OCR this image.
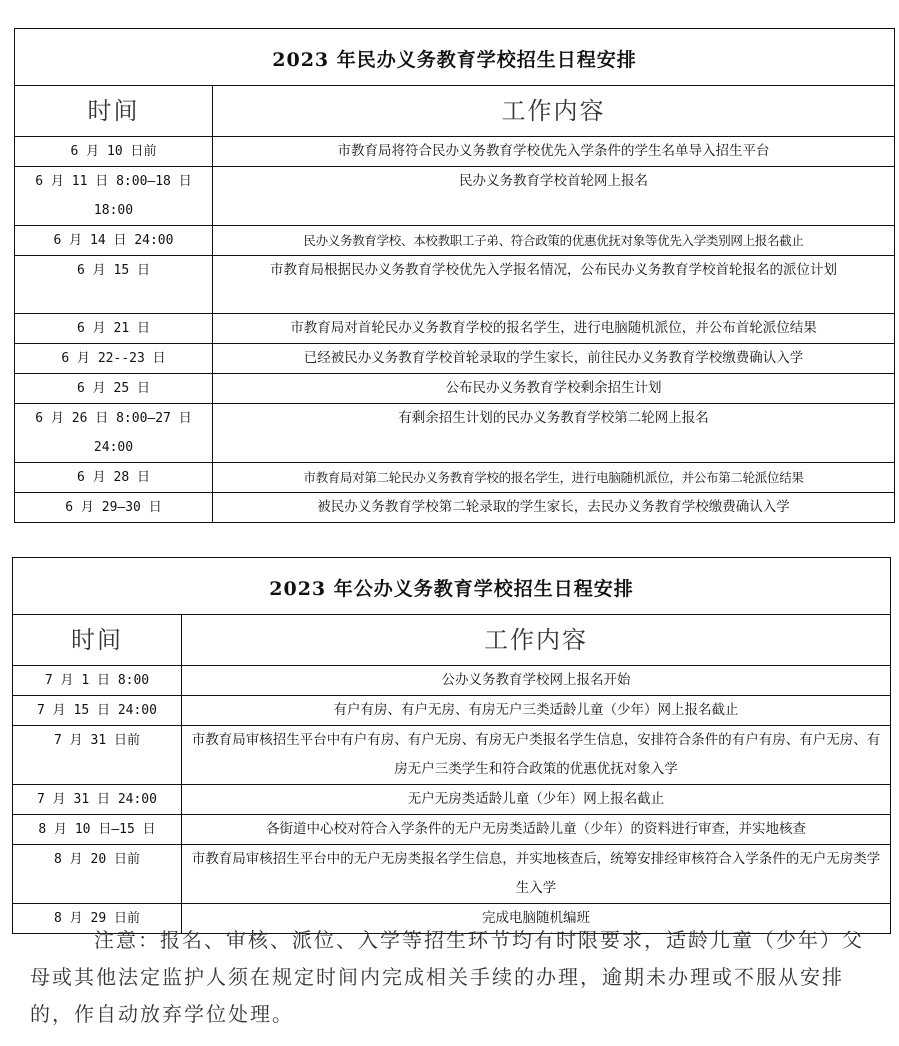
2023 年民办义务教育学校招生日程安排	
时间	工作内容
6 月 10 日前	市教育局将符合民办义务教育学校优先入学条件的学生名单导入招生平台
6 月 11 日 8:00—18 日 18:00	民办义务教育学校首轮网上报名
6 月 14 日 24:00	民办义务教育学校、本校教职工子弟、符合政策的优惠优抚对象等优先入学类别网上报名截止
6 月 15 日	市教育局根据民办义务教育学校优先入学报名情况，公布民办义务教育学校首轮报名的派位计划
6 月 21 日	市教育局对首轮民办义务教育学校的报名学生，进行电脑随机派位，并公布首轮派位结果
6 月 22--23 日	已经被民办义务教育学校首轮录取的学生家长，前往民办义务教育学校缴费确认入学
6 月 25 日	公布民办义务教育学校剩余招生计划
6 月 26 日 8:00—27 日 24:00	有剩余招生计划的民办义务教育学校第二轮网上报名
6 月 28 日	市教育局对第二轮民办义务教育学校的报名学生，进行电脑随机派位，并公布第二轮派位结果
6 月 29—30 日	被民办义务教育学校第二轮录取的学生家长，去民办义务教育学校缴费确认入学
2023 年公办义务教育学校招生日程安排	
时间	工作内容
7 月 1 日 8:00	公办义务教育学校网上报名开始
7 月 15 日 24:00	有户有房、有户无房、有房无户三类适龄儿童（少年）网上报名截止
7 月 31 日前	市教育局审核招生平台中有户有房、有户无房、有房无户类报名学生信息，安排符合条件的有户有房、有户无房、有房无户三类学生和符合政策的优惠优抚对象入学
7 月 31 日 24:00	无户无房类适龄儿童（少年）网上报名截止
8 月 10 日—15 日	各街道中心校对符合入学条件的无户无房类适龄儿童（少年）的资料进行审查，并实地核查
8 月 20 日前	市教育局审核招生平台中的无户无房类报名学生信息，并实地核查后，统筹安排经审核符合入学条件的无户无房类学生入学
8 月 29 日前	完成电脑随机编班
注意：报名、审核、派位、入学等招生环节均有时限要求，适龄儿童（少年）父母或其他法定监护人须在规定时间内完成相关手续的办理，逾期未办理或不服从安排的，作自动放弃学位处理。
